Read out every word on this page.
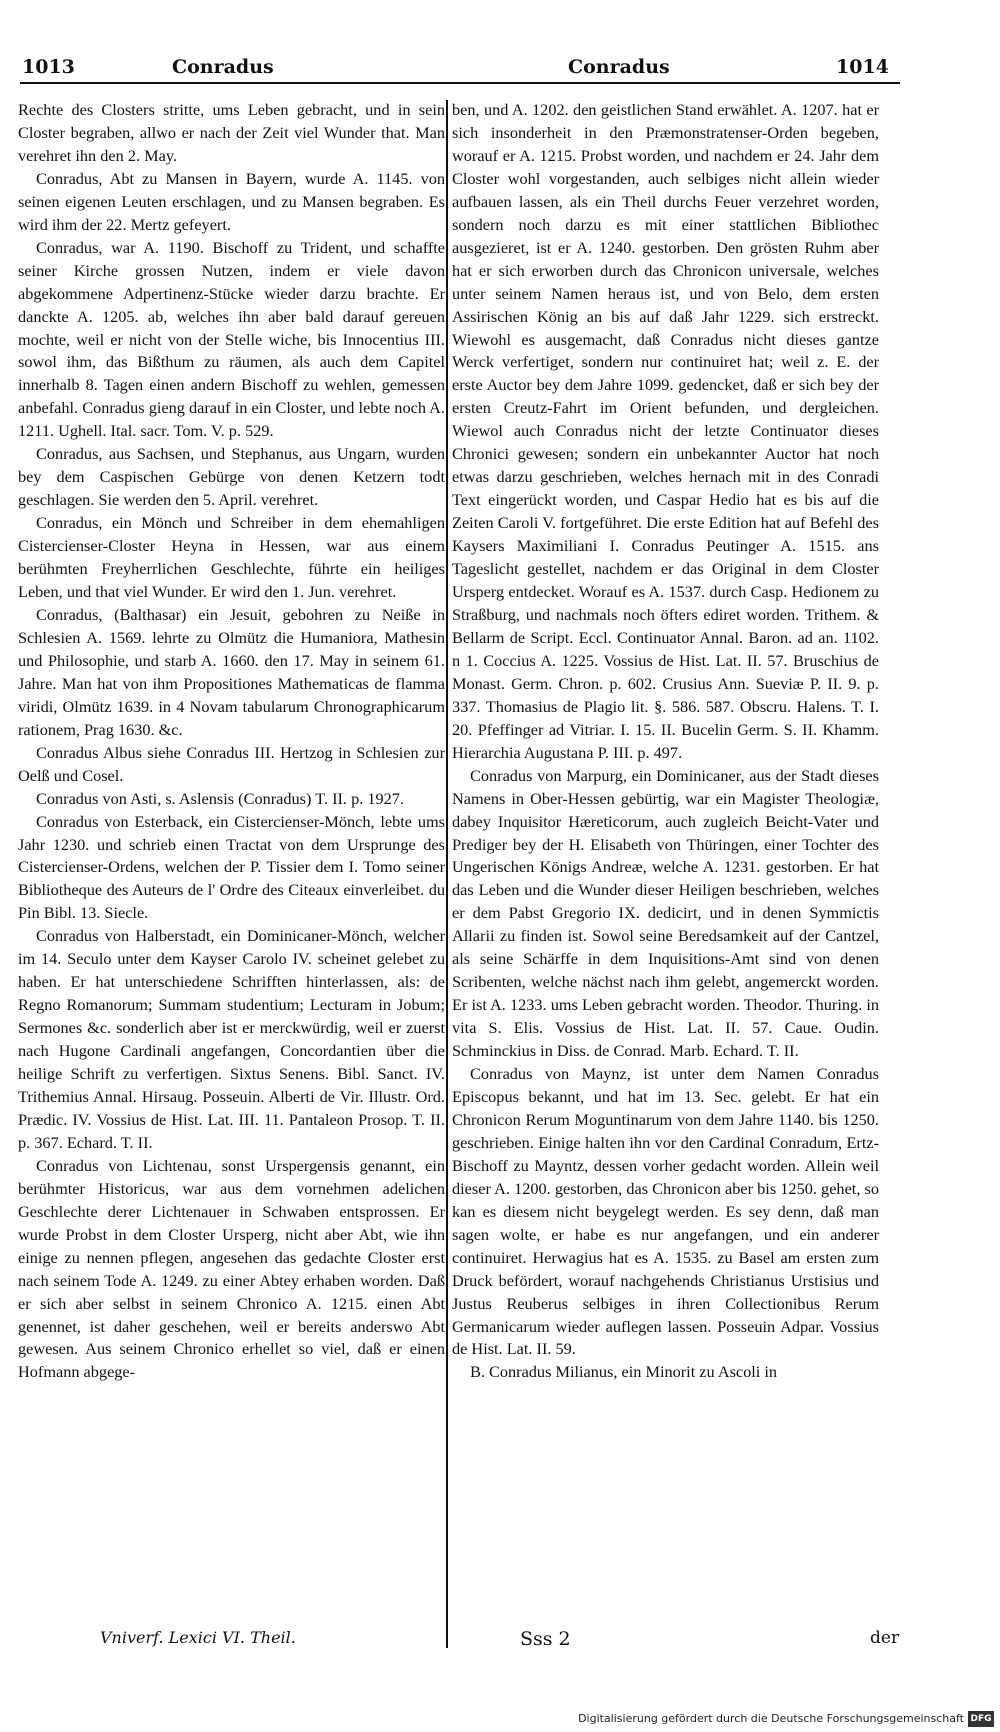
1013	Conradus	Conradus	1014

Rechte des Closters stritte, ums Leben gebracht, und in sein Closter begraben, allwo er nach der Zeit viel Wunder that. Man verehret ihn den 2. May.

Conradus, Abt zu Mansen in Bayern, wurde A. 1145. von seinen eigenen Leuten erschlagen, und zu Mansen begraben. Es wird ihm der 22. Mertz gefeyert.

Conradus, war A. 1190. Bischoff zu Trident, und schaffte seiner Kirche grossen Nutzen, indem er viele davon abgekommene Adpertinenz-Stücke wieder darzu brachte. Er danckte A. 1205. ab, welches ihn aber bald darauf gereuen mochte, weil er nicht von der Stelle wiche, bis Innocentius III. sowol ihm, das Bißthum zu räumen, als auch dem Capitel innerhalb 8. Tagen einen andern Bischoff zu wehlen, gemessen anbefahl. Conradus gieng darauf in ein Closter, und lebte noch A. 1211. Ughell. Ital. sacr. Tom. V. p. 529.

Conradus, aus Sachsen, und Stephanus, aus Ungarn, wurden bey dem Caspischen Gebürge von denen Ketzern todt geschlagen. Sie werden den 5. April. verehret.

Conradus, ein Mönch und Schreiber in dem ehemahligen Cistercienser-Closter Heyna in Hessen, war aus einem berühmten Freyherrlichen Geschlechte, führte ein heiliges Leben, und that viel Wunder. Er wird den 1. Jun. verehret.

Conradus, (Balthasar) ein Jesuit, gebohren zu Neiße in Schlesien A. 1569. lehrte zu Olmütz die Humaniora, Mathesin und Philosophie, und starb A. 1660. den 17. May in seinem 61. Jahre. Man hat von ihm Propositiones Mathematicas de flamma viridi, Olmütz 1639. in 4 Novam tabularum Chronographicarum rationem, Prag 1630. &c.

Conradus Albus siehe Conradus III. Hertzog in Schlesien zur Oelß und Cosel.

Conradus von Asti, s. Aslensis (Conradus) T. II. p. 1927.

Conradus von Esterback, ein Cistercienser-Mönch, lebte ums Jahr 1230. und schrieb einen Tractat von dem Ursprunge des Cistercienser-Ordens, welchen der P. Tissier dem I. Tomo seiner Bibliotheque des Auteurs de l' Ordre des Citeaux einverleibet. du Pin Bibl. 13. Siecle.

Conradus von Halberstadt, ein Dominicaner-Mönch, welcher im 14. Seculo unter dem Kayser Carolo IV. scheinet gelebet zu haben. Er hat unterschiedene Schrifften hinterlassen, als: de Regno Romanorum; Summam studentium; Lecturam in Jobum; Sermones &c. sonderlich aber ist er merckwürdig, weil er zuerst nach Hugone Cardinali angefangen, Concordantien über die heilige Schrift zu verfertigen. Sixtus Senens. Bibl. Sanct. IV. Trithemius Annal. Hirsaug. Posseuin. Alberti de Vir. Illustr. Ord. Prædic. IV. Vossius de Hist. Lat. III. 11. Pantaleon Prosop. T. II. p. 367. Echard. T. II.

Conradus von Lichtenau, sonst Urspergensis genannt, ein berühmter Historicus, war aus dem vornehmen adelichen Geschlechte derer Lichtenauer in Schwaben entsprossen. Er wurde Probst in dem Closter Ursperg, nicht aber Abt, wie ihn einige zu nennen pflegen, angesehen das gedachte Closter erst nach seinem Tode A. 1249. zu einer Abtey erhaben worden. Daß er sich aber selbst in seinem Chronico A. 1215. einen Abt genennet, ist daher geschehen, weil er bereits anderswo Abt gewesen. Aus seinem Chronico erhellet so viel, daß er einen Hofmann abgege-

ben, und A. 1202. den geistlichen Stand erwählet. A. 1207. hat er sich insonderheit in den Præmonstratenser-Orden begeben, worauf er A. 1215. Probst worden, und nachdem er 24. Jahr dem Closter wohl vorgestanden, auch selbiges nicht allein wieder aufbauen lassen, als ein Theil durchs Feuer verzehret worden, sondern noch darzu es mit einer stattlichen Bibliothec ausgezieret, ist er A. 1240. gestorben. Den grösten Ruhm aber hat er sich erworben durch das Chronicon universale, welches unter seinem Namen heraus ist, und von Belo, dem ersten Assirischen König an bis auf daß Jahr 1229. sich erstreckt. Wiewohl es ausgemacht, daß Conradus nicht dieses gantze Werck verfertiget, sondern nur continuiret hat; weil z. E. der erste Auctor bey dem Jahre 1099. gedencket, daß er sich bey der ersten Creutz-Fahrt im Orient befunden, und dergleichen. Wiewol auch Conradus nicht der letzte Continuator dieses Chronici gewesen; sondern ein unbekannter Auctor hat noch etwas darzu geschrieben, welches hernach mit in des Conradi Text eingerückt worden, und Caspar Hedio hat es bis auf die Zeiten Caroli V. fortgeführet. Die erste Edition hat auf Befehl des Kaysers Maximiliani I. Conradus Peutinger A. 1515. ans Tageslicht gestellet, nachdem er das Original in dem Closter Ursperg entdecket. Worauf es A. 1537. durch Casp. Hedionem zu Straßburg, und nachmals noch öfters ediret worden. Trithem. & Bellarm de Script. Eccl. Continuator Annal. Baron. ad an. 1102. n 1. Coccius A. 1225. Vossius de Hist. Lat. II. 57. Bruschius de Monast. Germ. Chron. p. 602. Crusius Ann. Sueviæ P. II. 9. p. 337. Thomasius de Plagio lit. §. 586. 587. Obscru. Halens. T. I. 20. Pfeffinger ad Vitriar. I. 15. II. Bucelin Germ. S. II. Khamm. Hierarchia Augustana P. III. p. 497.

Conradus von Marpurg, ein Dominicaner, aus der Stadt dieses Namens in Ober-Hessen gebürtig, war ein Magister Theologiæ, dabey Inquisitor Hæreticorum, auch zugleich Beicht-Vater und Prediger bey der H. Elisabeth von Thüringen, einer Tochter des Ungerischen Königs Andreæ, welche A. 1231. gestorben. Er hat das Leben und die Wunder dieser Heiligen beschrieben, welches er dem Pabst Gregorio IX. dedicirt, und in denen Symmictis Allarii zu finden ist. Sowol seine Beredsamkeit auf der Cantzel, als seine Schärffe in dem Inquisitions-Amt sind von denen Scribenten, welche nächst nach ihm gelebt, angemerckt worden. Er ist A. 1233. ums Leben gebracht worden. Theodor. Thuring. in vita S. Elis. Vossius de Hist. Lat. II. 57. Caue. Oudin. Schminckius in Diss. de Conrad. Marb. Echard. T. II.

Conradus von Maynz, ist unter dem Namen Conradus Episcopus bekannt, und hat im 13. Sec. gelebt. Er hat ein Chronicon Rerum Moguntinarum von dem Jahre 1140. bis 1250. geschrieben. Einige halten ihn vor den Cardinal Conradum, Ertz-Bischoff zu Mayntz, dessen vorher gedacht worden. Allein weil dieser A. 1200. gestorben, das Chronicon aber bis 1250. gehet, so kan es diesem nicht beygelegt werden. Es sey denn, daß man sagen wolte, er habe es nur angefangen, und ein anderer continuiret. Herwagius hat es A. 1535. zu Basel am ersten zum Druck befördert, worauf nachgehends Christianus Urstisius und Justus Reuberus selbiges in ihren Collectionibus Rerum Germanicarum wieder auflegen lassen. Posseuin Adpar. Vossius de Hist. Lat. II. 59.

B. Conradus Milianus, ein Minorit zu Ascoli in

Vniverf. Lexici VI. Theil.	Sss 2	der
Digitalisierung gefördert durch die Deutsche Forschungsgemeinschaft DFG
